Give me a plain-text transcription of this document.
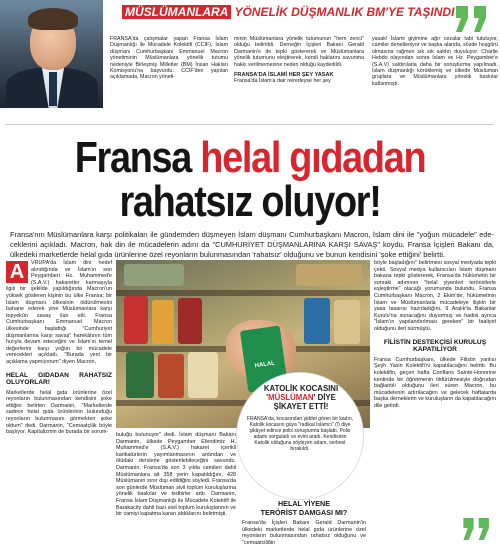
MÜSLÜMANLARA YÖNELİK DÜŞMANLIK BM'YE TAŞINDI
FRANSA'da çalışmalar yapan Fransa İslam Düşmanlığı ile Mücadele Kolektifi (CCIF), İslam düşmanı Cumhurbaşkanı Emmanuel Macron yönetiminin Müslümanlara yönelik tutumu nedeniyle Birleşmiş Milletler (BM) İnsan Hakları Komisyonu'na başvurdu. CCIF'den yapılan açıklamada, Macron yöneti-
minin Müslümanlara yönelik tutumunun "hem zenci" olduğu belirtildi. Derneğin İçişleri Bakanı Gerald Darmanin'e de tepki göstererek ve Müslümanlara yönelik tutumunu eleştirerek, kendi haklarını savunma hakkı verilmemesine neden olduğu kaydedildi.
FRANSA'DA İSLAMİ HER ŞEY YASAK
Fransa'da İslam'a dair neredeyse her şey
yasak! İslami giyimine ağır cezalar tabi tutuluyor, camiler denetleniyor ve başka alanda, sözde hoşgörü olmasına rağmen sık sık saldırı duyuluyor. Charlie Hebdo olayından sonra İslam ve Hz. Peygamber'e (S.A.V) saldırılarla daha bir soruşturma yapılmadı. İslam düşmanlığı körüklemiş ve ülkede Müslüman gruplara ve Müslümanlara yönelik baskılar katlanmıştı.
Fransa helal gıdadan
rahatsız oluyor!
Fransa'nın Müslümanlara karşı politikaları ile gündemden düşmeyen İslam düşmanı Cumhurbaşkanı Macron, İslam dini ile "yoğun mücadele" ede-ceklerini açıkladı. Macron, hak din ile mücadelerin adını da "CUMHURİYET DÜŞMANLARINA KARŞI SAVAŞ" koydu. Fransa İçişleri Bakanı da, ülkedeki marketlerde helal gıda ürünlerine özel reyonların bulunmasından 'rahatsız' olduğunu ve bunun kendisini 'şoke ettiğini' belirtti.
A	VRUPA'da İslam dini hedef alındığında ve İslam'ın son Peygamberi Hz. Muhammed'e (S.A.V.) hakaretler karmaşıyla ilgili bir şekilde yapıldığında Macron'un yüksek gösteren kişinin bu ülke Fransa; bir İslam düşmanı ülkesinin öldürülmesini bahane ederek yine Müslümanlara karşı topyekûn savaş ilan etti. Fransa Cumhurbaşkanı Emmanuel Macron ülkesinde başlattığı "Cumhuriyet düşmanlarına karşı savaş" harekâtının tüm hızıyla devam edeceğini ve İslam'ın temel değerlerini karşı yoğun bir mücadele verecekleri açıkladı. "Burada yeni bir açıklama yapmıyorum" diyen Macron,
HELAL GIDADAN RAHATSIZ OLUYORLAR!
Marketlerde helal gıda ürünlerine özel reyonların bulunmasından kendisini şoke ettiğini belirten Darmanin, "Marketlerde sadece helal gıda ürünlerinin bulunduğu reyonların bulunmasını görmekten şoke oldum" dedi. Darmanin, "Cemaatçilik böyle başlıyor. Kapitalizmin de burada bir sorum-
HALAL
KATOLİK KOCASINI 'MÜSLÜMAN' DİYE ŞİKAYET ETTİ!
FRANSA'da, kocasından şiddet gören bir kadın, Katolik kocasını güya "radikal İslamcı" (!) diye şikâyet edince polis soruşturma başlattı. Polis adamı sorguladı ve evini aradı. Kendisinin Katolik olduğunu söyleyen adam, serbest bırakıldı.
buluğu bulunuyor" dedi. İslam düşmanı Bakanı Darmanin, ülkede Peygamber Efendimiz H. Muhammed'e (S.A.V.) hakaret içerikli karikatürlerin yayımlanmasının ardından ve ölüdaki derslerle gösterilebileceğini savundu. Darmanin, Fransa'da son 3 yılda camileri dahil Müslümanlara ait 358 yerin kapatıldığını, 428 Müslümanın sınır dışı edildiğini söyledi. Fransa'da son günlerde Müslüman sivil toplum kuruluşlarına yönelik baskılar ve tedbirler arttı. Darmanin, Fransa İslam Düşmanlığı ile Mücadele Kolektifi ile Barakacity dahil bazı sivil toplum kuruluşlarının ve bir camiyi kapatma kararı aldıklarını belirtmişti.
HELAL YİYENE
TERÖRİST DAMGASI MI?
Fransa'da İçişleri Bakanı Gerald Darmanin'in ülkedeki marketlerde helal gıda ürünlerine özel reyonların bulunmasından rahatsız olduğunu ve "cemaatçiliğin
böyle başladığını" belirtmesi sosyal medyada tepki çekti. Sosyal medya kullanıcıları İslam düşmanı bakana tepki göstererek, Fransa'da hükümetin bir sonraki adımının "helal yiyenleri teröristlerle eşleştirme" olacağı yorumunda bulundu. Fransa Cumhurbaşkanı Macron, 2 Ekim'de, hükümetinin İslam ve Müslümanlarla mücadeleye ilişkin bir yasa tasarısı hazırladığını, 9 Aralık'ta Bakanlar Kurulu'na sunacağını duyurmuş ve hadisi ayrıca "İslam'ın yapılandırılması gereken" bir faaliyet olduğunu ileri sürmüştü.
FİLİSTİN DESTEKÇİSİ KURULUŞ KAPATILIYOR
Fransa Cumhurbaşkanı, ülkede Filistin yanlısı Şeyh Yasin Kolektifi'ni kapatılacağını belirtti. Bu kolektifin, geçen hafta Conflans Sainte-Honorine kentinde bir öğretmenin öldürülmesiyle doğrudan bağlantılı olduğunu ileri süren Macron, bu mücadelenin artırılacağını ve gelecek haftalarda başka derneklerin ve kuruluşların da kapatılacağını dile getirdi.
